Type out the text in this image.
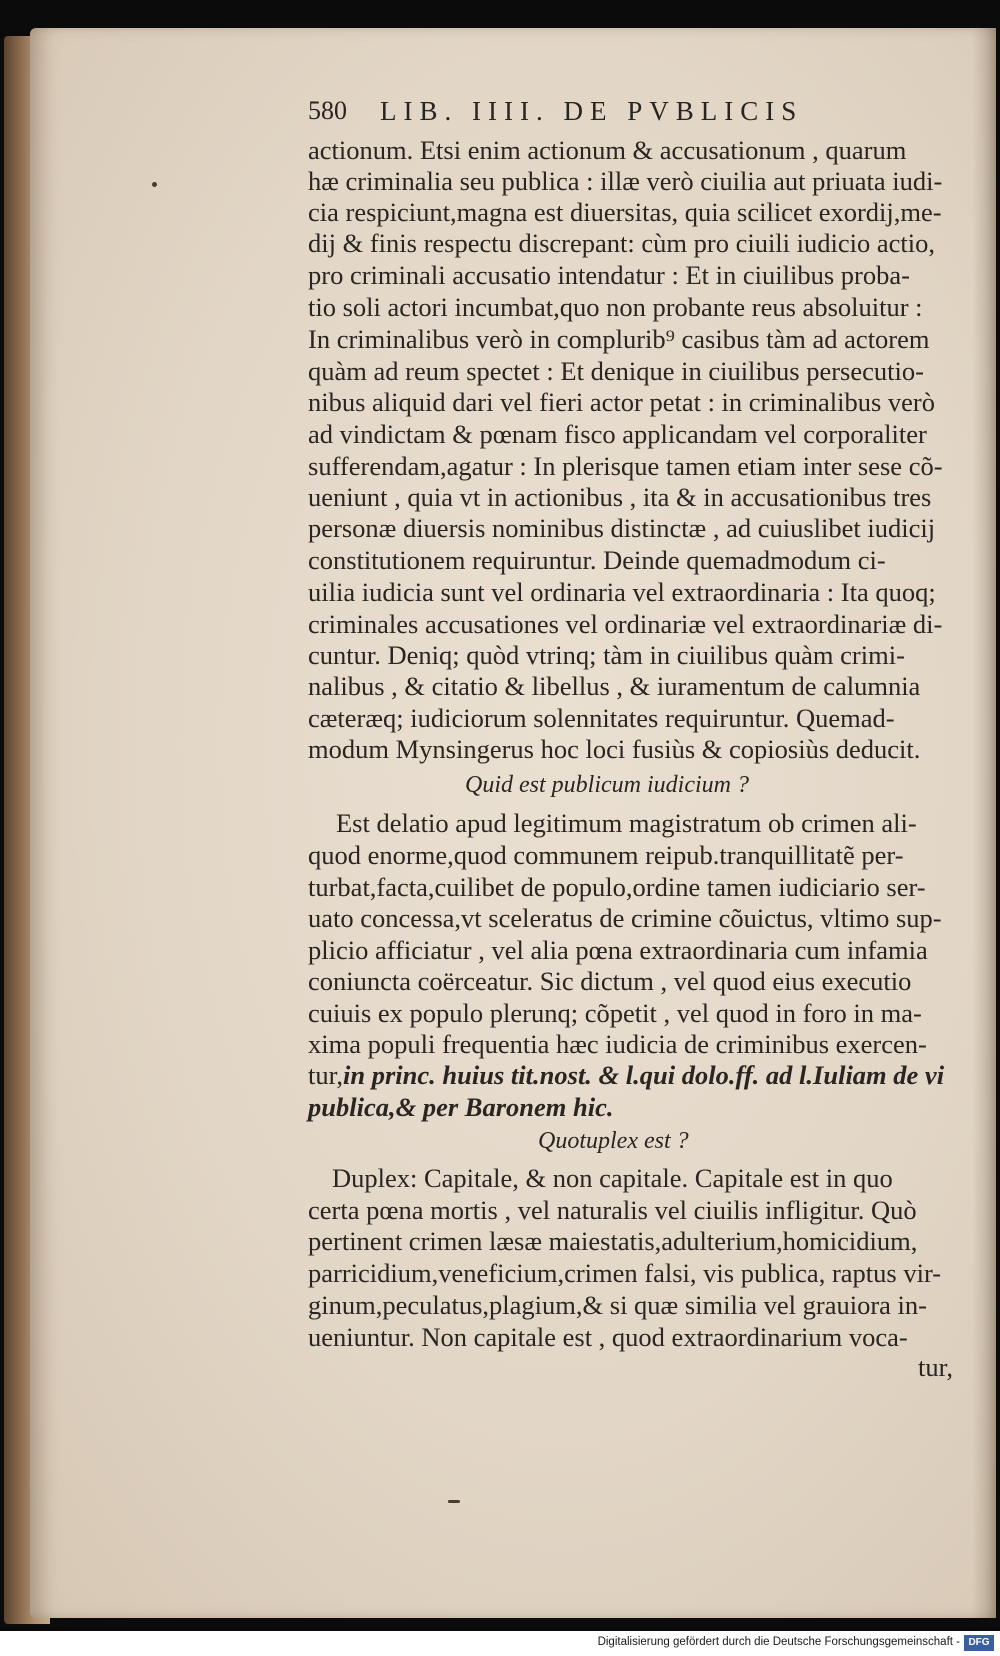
580 LIB. IIII. DE PVBLICIS
actionum. Etsi enim actionum & accusationum , quarum
hæ criminalia seu publica : illæ verò ciuilia aut priuata iudi-
cia respiciunt,magna est diuersitas, quia scilicet exordij,me-
dij & finis respectu discrepant: cùm pro ciuili iudicio actio,
pro criminali accusatio intendatur : Et in ciuilibus proba-
tio soli actori incumbat,quo non probante reus absoluitur :
In criminalibus verò in complurib⁹ casibus tàm ad actorem
quàm ad reum spectet : Et denique in ciuilibus persecutio-
nibus aliquid dari vel fieri actor petat : in criminalibus verò
ad vindictam & pœnam fisco applicandam vel corporaliter
sufferendam,agatur : In plerisque tamen etiam inter sese cõ-
ueniunt , quia vt in actionibus , ita & in accusationibus tres
personæ diuersis nominibus distinctæ , ad cuiuslibet iudicij
constitutionem requiruntur. Deinde quemadmodum ci-
uilia iudicia sunt vel ordinaria vel extraordinaria : Ita quoq;
criminales accusationes vel ordinariæ vel extraordinariæ di-
cuntur. Deniq; quòd vtrinq; tàm in ciuilibus quàm crimi-
nalibus , & citatio & libellus , & iuramentum de calumnia
cæteræq; iudiciorum solennitates requiruntur. Quemad-
modum Mynsingerus hoc loci fusiùs & copiosiùs deducit.
Quid est publicum iudicium ?
Est delatio apud legitimum magistratum ob crimen ali-
quod enorme,quod communem reipub.tranquillitatẽ per-
turbat,facta,cuilibet de populo,ordine tamen iudiciario ser-
uato concessa,vt sceleratus de crimine cõuictus, vltimo sup-
plicio afficiatur , vel alia pœna extraordinaria cum infamia
coniuncta coërceatur. Sic dictum , vel quod eius executio
cuiuis ex populo plerunq; cõpetit , vel quod in foro in ma-
xima populi frequentia hæc iudicia de criminibus exercen-
tur,in princ. huius tit.nost. & l.qui dolo.ff. ad l.Iuliam de vi
publica,& per Baronem hic.
Quotuplex est ?
Duplex: Capitale, & non capitale. Capitale est in quo
certa pœna mortis , vel naturalis vel ciuilis infligitur. Quò
pertinent crimen læsæ maiestatis,adulterium,homicidium,
parricidium,veneficium,crimen falsi, vis publica, raptus vir-
ginum,peculatus,plagium,& si quæ similia vel grauiora in-
ueniuntur. Non capitale est , quod extraordinarium voca-
tur,
Digitalisierung gefördert durch die Deutsche Forschungsgemeinschaft - DFG
